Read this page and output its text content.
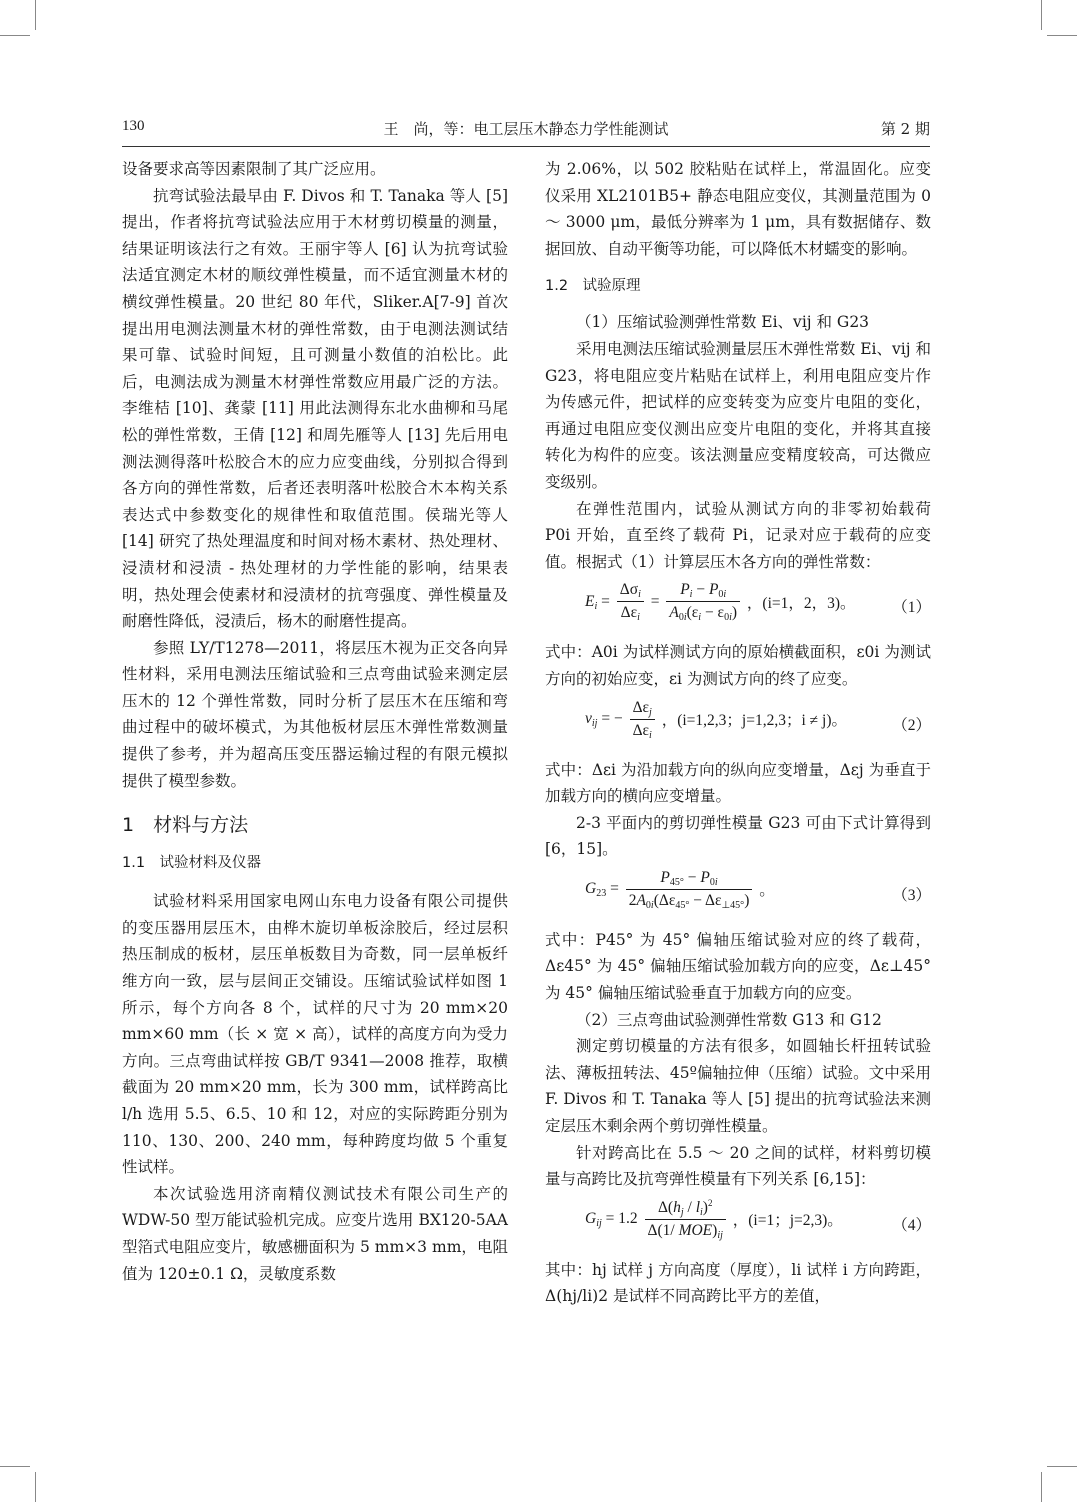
130	王　尚，等：电工层压木静态力学性能测试	第 2 期

设备要求高等因素限制了其广泛应用。

抗弯试验法最早由 F. Divos 和 T. Tanaka 等人 [5] 提出，作者将抗弯试验法应用于木材剪切模量的测量，结果证明该法行之有效。王丽宇等人 [6] 认为抗弯试验法适宜测定木材的顺纹弹性模量，而不适宜测量木材的横纹弹性模量。20 世纪 80 年代，Sliker.A[7-9] 首次提出用电测法测量木材的弹性常数，由于电测法测试结果可靠、试验时间短，且可测量小数值的泊松比。此后，电测法成为测量木材弹性常数应用最广泛的方法。李维桔 [10]、龚蒙 [11] 用此法测得东北水曲柳和马尾松的弹性常数，王倩 [12] 和周先雁等人 [13] 先后用电测法测得落叶松胶合木的应力应变曲线，分别拟合得到各方向的弹性常数，后者还表明落叶松胶合木本构关系表达式中参数变化的规律性和取值范围。侯瑞光等人 [14] 研究了热处理温度和时间对杨木素材、热处理材、浸渍材和浸渍 - 热处理材的力学性能的影响，结果表明，热处理会使素材和浸渍材的抗弯强度、弹性模量及耐磨性降低，浸渍后，杨木的耐磨性提高。

参照 LY/T1278—2011，将层压木视为正交各向异性材料，采用电测法压缩试验和三点弯曲试验来测定层压木的 12 个弹性常数，同时分析了层压木在压缩和弯曲过程中的破坏模式，为其他板材层压木弹性常数测量提供了参考，并为超高压变压器运输过程的有限元模拟提供了模型参数。

1　材料与方法
1.1　试验材料及仪器

试验材料采用国家电网山东电力设备有限公司提供的变压器用层压木，由桦木旋切单板涂胶后，经过层积热压制成的板材，层压单板数目为奇数，同一层单板纤维方向一致，层与层间正交铺设。压缩试验试样如图 1 所示，每个方向各 8 个，试样的尺寸为 20 mm×20 mm×60 mm（长 × 宽 × 高），试样的高度方向为受力方向。三点弯曲试样按 GB/T 9341—2008 推荐，取横截面为 20 mm×20 mm，长为 300 mm，试样跨高比 l/h 选用 5.5、6.5、10 和 12，对应的实际跨距分别为 110、130、200、240 mm，每种跨度均做 5 个重复性试样。

本次试验选用济南精仪测试技术有限公司生产的 WDW-50 型万能试验机完成。应变片选用 BX120-5AA 型箔式电阻应变片，敏感栅面积为 5 mm×3 mm，电阻值为 120±0.1 Ω，灵敏度系数

为 2.06%，以 502 胶粘贴在试样上，常温固化。应变仪采用 XL2101B5+ 静态电阻应变仪，其测量范围为 0 ～ 3000 μm，最低分辨率为 1 μm，具有数据储存、数据回放、自动平衡等功能，可以降低木材蠕变的影响。

1.2　试验原理

（1）压缩试验测弹性常数 Ei、vij 和 G23

采用电测法压缩试验测量层压木弹性常数 Ei、vij 和 G23，将电阻应变片粘贴在试样上，利用电阻应变片作为传感元件，把试样的应变转变为应变片电阻的变化，再通过电阻应变仪测出应变片电阻的变化，并将其直接转化为构件的应变。该法测量应变精度较高，可达微应变级别。

在弹性范围内，试验从测试方向的非零初始载荷 P0i 开始，直至终了载荷 Pi，记录对应于载荷的应变值。根据式（1）计算层压木各方向的弹性常数：

$E_i = \frac{\Delta\sigma_i}{\Delta\varepsilon_i} = \frac{P_i - P_{0i}}{A_{0i}(\varepsilon_i - \varepsilon_{0i})}$ ，(i=1，2，3)。 （1）

式中：A0i 为试样测试方向的原始横截面积，ε0i 为测试方向的初始应变，εi 为测试方向的终了应变。

$v_{ij}$ = − $\frac{\Delta\varepsilon_j}{\Delta\varepsilon_i}$ ，(i=1,2,3；j=1,2,3；i ≠ j)。	（2）

式中：Δεi 为沿加载方向的纵向应变增量，Δεj 为垂直于加载方向的横向应变增量。

2-3 平面内的剪切弹性模量 G23 可由下式计算得到 [6，15]。

$G_{23} = \frac{P_{45^\circ} - P_{0i}}{2A_{0i}(\Delta\varepsilon_{45^\circ} - \Delta\varepsilon_{\perp 45^\circ})}$ 。	（3）

式中：P45° 为 45° 偏轴压缩试验对应的终了载荷，Δε45° 为 45° 偏轴压缩试验加载方向的应变，Δε⊥45° 为 45° 偏轴压缩试验垂直于加载方向的应变。

（2）三点弯曲试验测弹性常数 G13 和 G12

测定剪切模量的方法有很多，如圆轴长杆扭转试验法、薄板扭转法、45º偏轴拉伸（压缩）试验。文中采用 F. Divos 和 T. Tanaka 等人 [5] 提出的抗弯试验法来测定层压木剩余两个剪切弹性模量。

针对跨高比在 5.5 ～ 20 之间的试样，材料剪切模量与高跨比及抗弯弹性模量有下列关系 [6,15]：

$G_{ij} = 1.2 \frac{\Delta(h_j / l_i)^2}{\Delta(1/ MOE)_{ij}}$ ，(i=1；j=2,3)。	（4）

其中：hj 试样 j 方向高度（厚度），li 试样 i 方向跨距，Δ(hj/li)2 是试样不同高跨比平方的差值，
